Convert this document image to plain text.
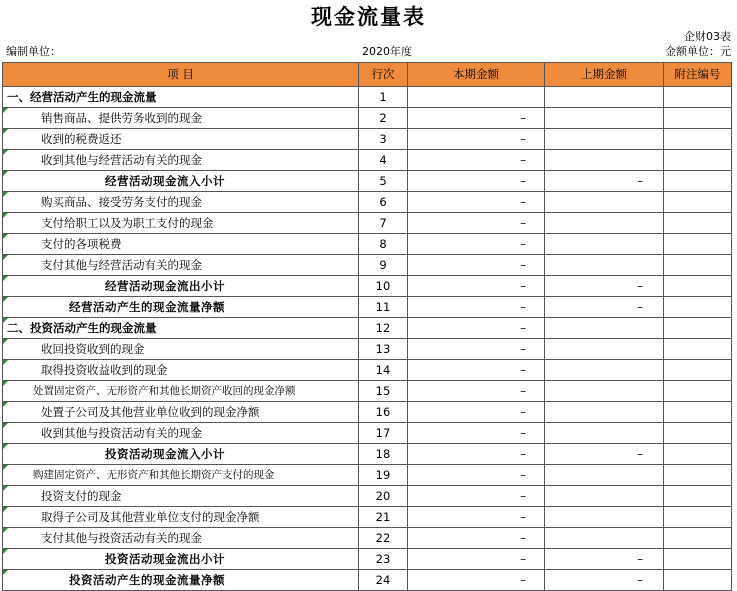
现金流量表
企财03表
编制单位：	2020年度	金额单位：元
项 目	行次	本期金额	上期金额	附注编号
一、经营活动产生的现金流量	1			

销售商品、提供劳务收到的现金	2	–		

收到的税费返还	3	–		

收到其他与经营活动有关的现金	4	–		

经营活动现金流入小计	5	–	–	

购买商品、接受劳务支付的现金	6	–		

支付给职工以及为职工支付的现金	7	–		

支付的各项税费	8	–		

支付其他与经营活动有关的现金	9	–		

经营活动现金流出小计	10	–	–	

经营活动产生的现金流量净额	11	–	–	

二、投资活动产生的现金流量	12	–		

收回投资收到的现金	13	–		

取得投资收益收到的现金	14	–		

处置固定资产、无形资产和其他长期资产收回的现金净额	15	–		

处置子公司及其他营业单位收到的现金净额	16	–		

收到其他与投资活动有关的现金	17	–		

投资活动现金流入小计	18	–	–	

购建固定资产、无形资产和其他长期资产支付的现金	19	–		

投资支付的现金	20	–		

取得子公司及其他营业单位支付的现金净额	21	–		

支付其他与投资活动有关的现金	22	–		

投资活动现金流出小计	23	–	–	

投资活动产生的现金流量净额	24	–	–	
